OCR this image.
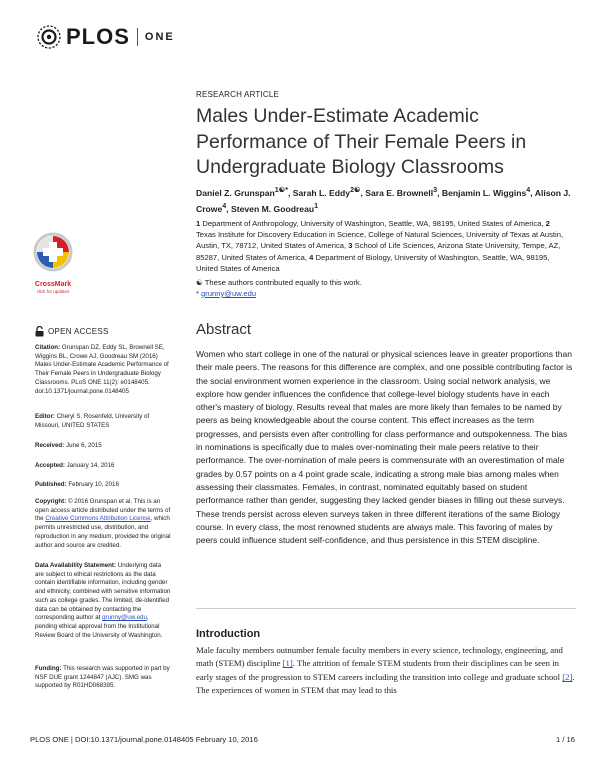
PLOS ONE
RESEARCH ARTICLE
Males Under-Estimate Academic Performance of Their Female Peers in Undergraduate Biology Classrooms
Daniel Z. Grunspan$^{1☯*}$, Sarah L. Eddy$^{2☯}$, Sara E. Brownell$^3$, Benjamin L. Wiggins$^4$, Alison J. Crowe$^4$, Steven M. Goodreau$^1$
1 Department of Anthropology, University of Washington, Seattle, WA, 98195, United States of America, 2 Texas Institute for Discovery Education in Science, College of Natural Sciences, University of Texas at Austin, Austin, TX, 78712, United States of America, 3 School of Life Sciences, Arizona State University, Tempe, AZ, 85287, United States of America, 4 Department of Biology, University of Washington, Seattle, WA, 98195, United States of America
☯ These authors contributed equally to this work.
* grunny@uw.edu
Abstract

Women who start college in one of the natural or physical sciences leave in greater proportions than their male peers. The reasons for this difference are complex, and one possible contributing factor is the social environment women experience in the classroom. Using social network analysis, we explore how gender influences the confidence that college-level biology students have in each other's mastery of biology. Results reveal that males are more likely than females to be named by peers as being knowledgeable about the course content. This effect increases as the term progresses, and persists even after controlling for class performance and outspokenness. The bias in nominations is specifically due to males over-nominating their male peers relative to their performance. The over-nomination of male peers is commensurate with an overestimation of male grades by 0.57 points on a 4 point grade scale, indicating a strong male bias among males when assessing their classmates. Females, in contrast, nominated equitably based on student performance rather than gender, suggesting they lacked gender biases in filling out these surveys. These trends persist across eleven surveys taken in three different iterations of the same Biology course. In every class, the most renowned students are always male. This favoring of males by peers could influence student self-confidence, and thus persistence in this STEM discipline.

Introduction

Male faculty members outnumber female faculty members in every science, technology, engineering, and math (STEM) discipline [1]. The attrition of female STEM students from their disciplines can be seen in early stages of the progression to STEM careers including the transition into college and graduate school [2]. The experiences of women in STEM that may lead to this

CrossMark
click for updates
OPEN ACCESS
Citation: Grunspan DZ, Eddy SL, Brownell SE, Wiggins BL, Crowe AJ, Goodreau SM (2016) Males Under-Estimate Academic Performance of Their Female Peers in Undergraduate Biology Classrooms. PLoS ONE 11(2): e0148405. doi:10.1371/journal.pone.0148405
Editor: Cheryl S. Rosenfeld, University of Missouri, UNITED STATES
Received: June 6, 2015
Accepted: January 14, 2016
Published: February 10, 2016
Copyright: © 2016 Grunspan et al. This is an open access article distributed under the terms of the Creative Commons Attribution License, which permits unrestricted use, distribution, and reproduction in any medium, provided the original author and source are credited.
Data Availability Statement: Underlying data are subject to ethical restrictions as the data contain identifiable information, including gender and ethnicity, combined with sensitive information such as college grades. The limited, de-identified data can be obtained by contacting the corresponding author at grunny@uw.edu, pending ethical approval from the Institutional Review Board of the University of Washington.
Funding: This research was supported in part by NSF DUE grant 1244847 (AJC). SMG was supported by R01HD068395.
PLOS ONE | DOI:10.1371/journal.pone.0148405 February 10, 2016	1 / 16
